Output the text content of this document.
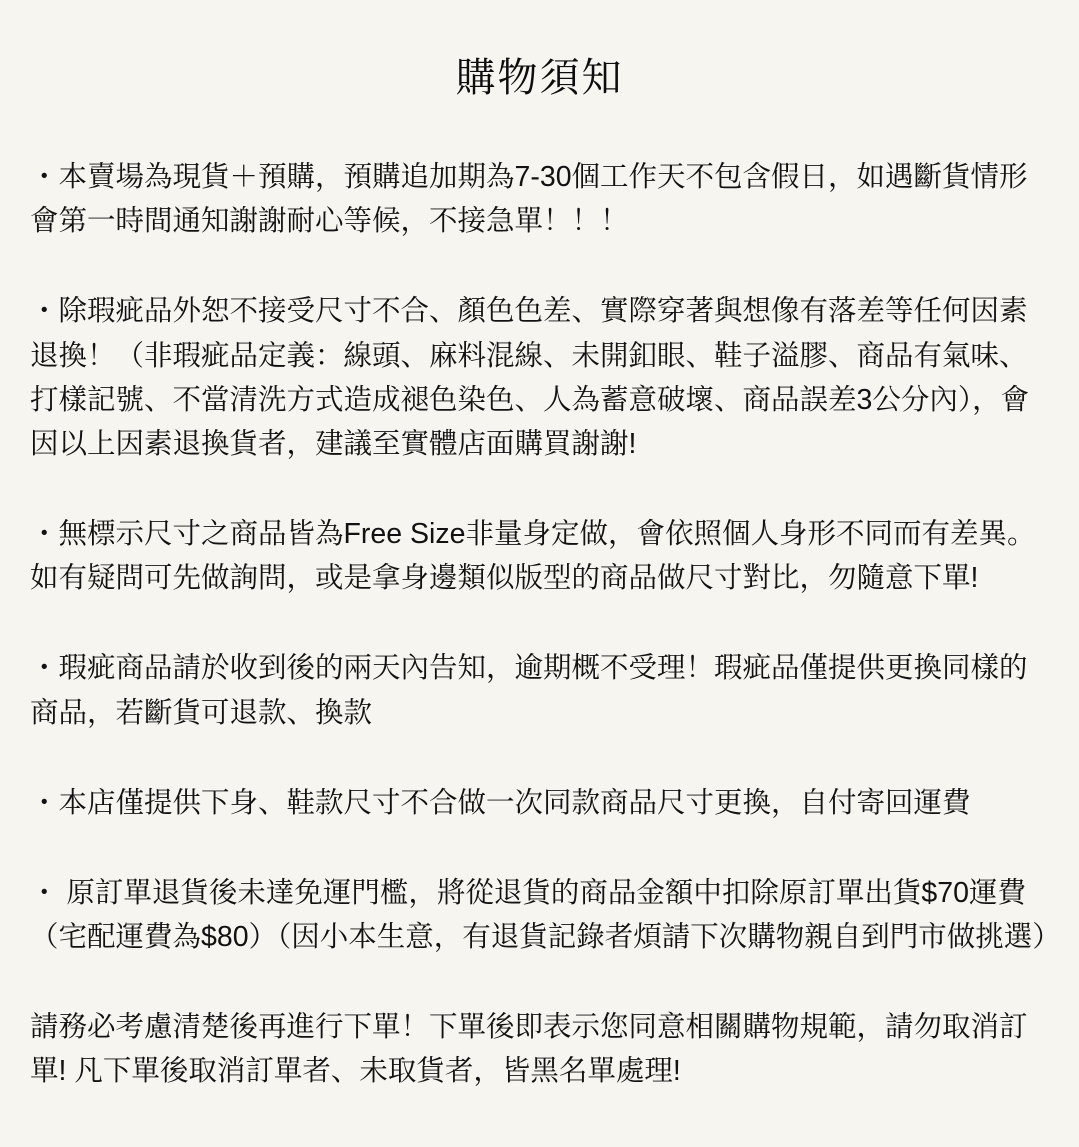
購物須知

・本賣場為現貨＋預購，預購追加期為7-30個工作天不包含假日，如遇斷貨情形會第一時間通知謝謝耐心等候，不接急單！！！

・除瑕疵品外恕不接受尺寸不合、顏色色差、實際穿著與想像有落差等任何因素退換！（非瑕疵品定義：線頭、麻料混線、未開釦眼、鞋子溢膠、商品有氣味、打樣記號、不當清洗方式造成褪色染色、人為蓄意破壞、商品誤差3公分內），會因以上因素退換貨者，建議至實體店面購買謝謝!

・無標示尺寸之商品皆為Free Size非量身定做，會依照個人身形不同而有差異。如有疑問可先做詢問，或是拿身邊類似版型的商品做尺寸對比，勿隨意下單!

・瑕疵商品請於收到後的兩天內告知，逾期概不受理！瑕疵品僅提供更換同樣的商品，若斷貨可退款、換款

・本店僅提供下身、鞋款尺寸不合做一次同款商品尺寸更換，自付寄回運費

・ 原訂單退貨後未達免運門檻，將從退貨的商品金額中扣除原訂單出貨$70運費（宅配運費為$80）（因小本生意，有退貨記錄者煩請下次購物親自到門市做挑選）

請務必考慮清楚後再進行下單！下單後即表示您同意相關購物規範，請勿取消訂單! 凡下單後取消訂單者、未取貨者，皆黑名單處理!
